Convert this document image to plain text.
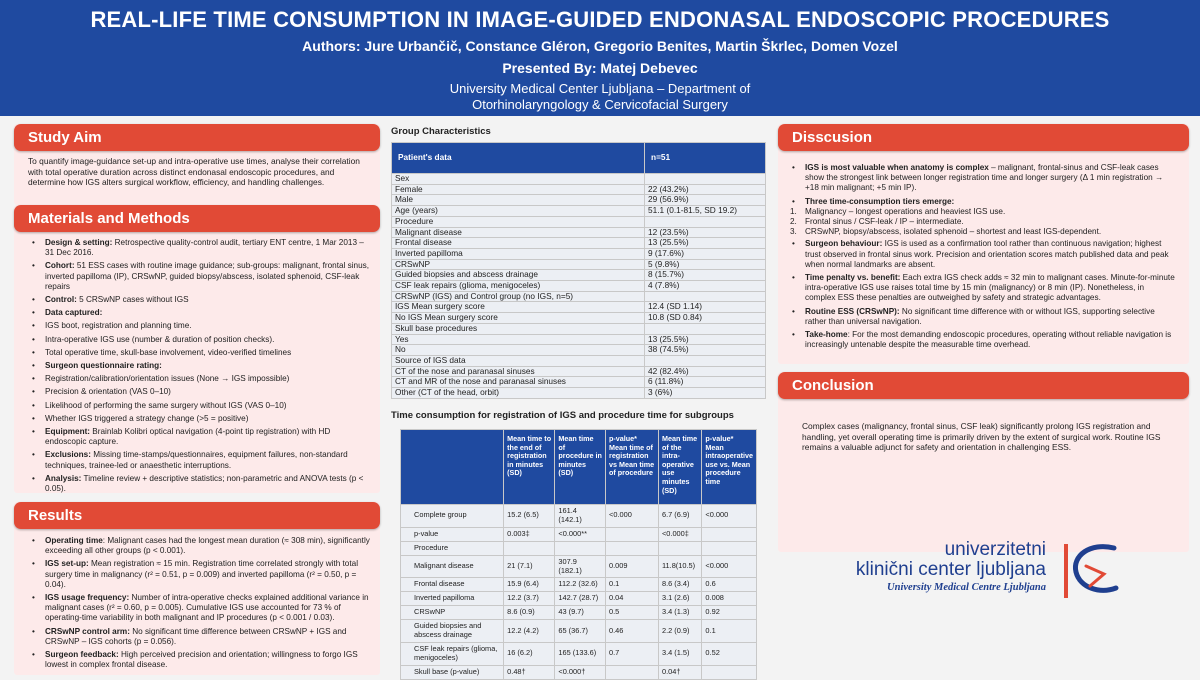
REAL-LIFE TIME CONSUMPTION IN IMAGE-GUIDED ENDONASAL ENDOSCOPIC PROCEDURES
Authors: Jure Urbančič, Constance Gléron, Gregorio Benites, Martin Škrlec, Domen Vozel
Presented By: Matej Debevec
University Medical Center Ljubljana – Department of
Otorhinolaryngology & Cervicofacial Surgery
Study Aim
To quantify image-guidance set-up and intra-operative use times, analyse their correlation with total operative duration across distinct endonasal endoscopic procedures, and determine how IGS alters surgical workflow, efficiency, and handling challenges.
Materials and Methods
• Design & setting: Retrospective quality-control audit, tertiary ENT centre, 1 Mar 2013 – 31 Dec 2016.
• Cohort: 51 ESS cases with routine image guidance; sub-groups: malignant, frontal sinus, inverted papilloma (IP), CRSwNP, guided biopsy/abscess, isolated sphenoid, CSF-leak repairs
• Control: 5 CRSwNP cases without IGS
• Data captured:
• IGS boot, registration and planning time.
• Intra-operative IGS use (number & duration of position checks).
• Total operative time, skull-base involvement, video-verified timelines
• Surgeon questionnaire rating:
• Registration/calibration/orientation issues (None → IGS impossible)
• Precision & orientation (VAS 0–10)
• Likelihood of performing the same surgery without IGS (VAS 0–10)
• Whether IGS triggered a strategy change (>5 = positive)
• Equipment: Brainlab Kolibri optical navigation (4-point tip registration) with HD endoscopic capture.
• Exclusions: Missing time-stamps/questionnaires, equipment failures, non-standard techniques, trainee-led or anaesthetic interruptions.
• Analysis: Timeline review + descriptive statistics; non-parametric and ANOVA tests (p < 0.05).
Results
• Operating time: Malignant cases had the longest mean duration (≈ 308 min), significantly exceeding all other groups (p < 0.001).
• IGS set-up: Mean registration ≈ 15 min. Registration time correlated strongly with total surgery time in malignancy (r² = 0.51, p = 0.009) and inverted papilloma (r² = 0.50, p = 0.04).
• IGS usage frequency: Number of intra-operative checks explained additional variance in malignant cases (r² = 0.60, p = 0.005). Cumulative IGS use accounted for 73 % of operating-time variability in both malignant and IP procedures (p < 0.001 / 0.03).
• CRSwNP control arm: No significant time difference between CRSwNP + IGS and CRSwNP – IGS cohorts (p = 0.056).
• Surgeon feedback: High perceived precision and orientation; willingness to forgo IGS lowest in complex frontal disease.
Group Characteristics
Patient's data	n=51
Sex	
Female	22 (43.2%)
Male	29 (56.9%)
Age (years)	51.1 (0.1-81.5, SD 19.2)
Procedure	
Malignant disease	12 (23.5%)
Frontal disease	13 (25.5%)
Inverted papilloma	9 (17.6%)
CRSwNP	5 (9.8%)
Guided biopsies and abscess drainage	8 (15.7%)
CSF leak repairs (glioma, menigoceles)	4 (7.8%)
CRSwNP (IGS) and Control group (no IGS, n=5)	
IGS Mean surgery score	12.4 (SD 1.14)
No IGS Mean surgery score	10.8 (SD 0.84)
Skull base procedures	
Yes	13 (25.5%)
No	38 (74.5%)
Source of IGS data	
CT of the nose and paranasal sinuses	42 (82.4%)
CT and MR of the nose and paranasal sinuses	6 (11.8%)
Other (CT of the head, orbit)	3 (6%)
Time consumption for registration of IGS and procedure time for subgroups
	Mean time to the end of registration in minutes (SD)	Mean time of procedure in minutes (SD)	p-value* Mean time of registration vs Mean time of procedure	Mean time of the intra-operative use minutes (SD)	p-value* Mean intraoperative use vs. Mean procedure time
Complete group	15.2 (6.5)	161.4 (142.1)	<0.000	6.7 (6.9)	<0.000
p-value	0.003‡	<0.000**		<0.000‡	
Procedure					
Malignant disease	21 (7.1)	307.9 (182.1)	0.009	11.8(10.5)	<0.000
Frontal disease	15.9 (6.4)	112.2 (32.6)	0.1	8.6 (3.4)	0.6
Inverted papilloma	12.2 (3.7)	142.7 (28.7)	0.04	3.1 (2.6)	0.008
CRSwNP	8.6 (0.9)	43 (9.7)	0.5	3.4 (1.3)	0.92
Guided biopsies and abscess drainage	12.2 (4.2)	65 (36.7)	0.46	2.2 (0.9)	0.1
CSF leak repairs (glioma, menigoceles)	16 (6.2)	165 (133.6)	0.7	3.4 (1.5)	0.52
Skull base (p-value)	0.48†	<0.000†		0.04†	
Disscusion
• IGS is most valuable when anatomy is complex – malignant, frontal-sinus and CSF-leak cases show the strongest link between longer registration time and longer surgery (Δ 1 min registration → +18 min malignant; +5 min IP).
• Three time-consumption tiers emerge:
1. Malignancy – longest operations and heaviest IGS use.
2. Frontal sinus / CSF-leak / IP – intermediate.
3. CRSwNP, biopsy/abscess, isolated sphenoid – shortest and least IGS-dependent.
• Surgeon behaviour: IGS is used as a confirmation tool rather than continuous navigation; highest trust observed in frontal sinus work. Precision and orientation scores match published data and peak when normal landmarks are absent.
• Time penalty vs. benefit: Each extra IGS check adds ≈ 32 min to malignant cases. Minute-for-minute intra-operative IGS use raises total time by 15 min (malignancy) or 8 min (IP). Nonetheless, in complex ESS these penalties are outweighed by safety and strategic advantages.
• Routine ESS (CRSwNP): No significant time difference with or without IGS, supporting selective rather than universal navigation.
• Take-home: For the most demanding endoscopic procedures, operating without reliable navigation is increasingly untenable despite the measurable time overhead.
Conclusion
Complex cases (malignancy, frontal sinus, CSF leak) significantly prolong IGS registration and handling, yet overall operating time is primarily driven by the extent of surgical work. Routine IGS remains a valuable adjunct for safety and orientation in challenging ESS.
univerzitetni
klinični center ljubljana
University Medical Centre Ljubljana
